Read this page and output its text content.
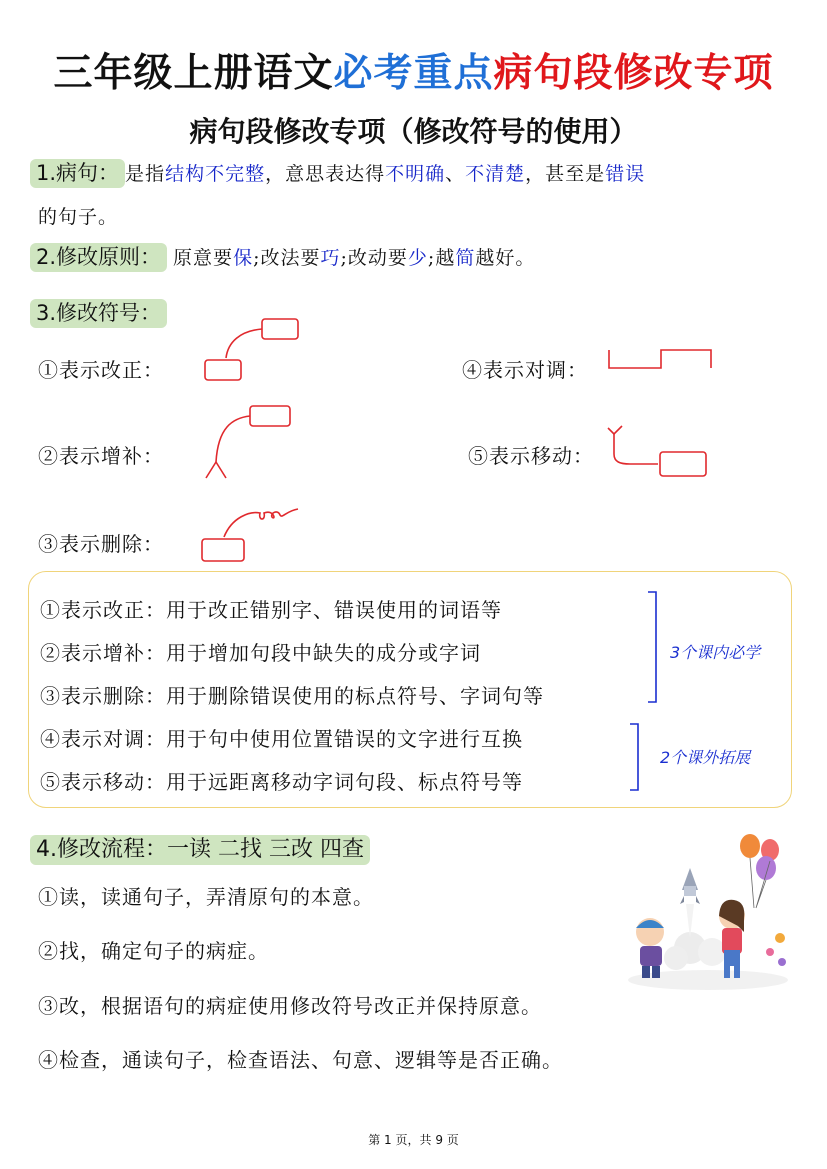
三年级上册语文必考重点病句段修改专项
病句段修改专项（修改符号的使用）
1.病句： 是指结构不完整，意思表达得不明确、不清楚，甚至是错误
的句子。
2.修改原则： 原意要保;改法要巧;改动要少;越简越好。
3.修改符号：
①表示改正：
②表示增补：
③表示删除：
④表示对调：
⑤表示移动：
①表示改正：用于改正错别字、错误使用的词语等
②表示增补：用于增加句段中缺失的成分或字词
③表示删除：用于删除错误使用的标点符号、字词句等
④表示对调：用于句中使用位置错误的文字进行互换
⑤表示移动：用于远距离移动字词句段、标点符号等
3个课内必学
2个课外拓展
4.修改流程：一读 二找 三改 四查
①读，读通句子，弄清原句的本意。
②找，确定句子的病症。
③改，根据语句的病症使用修改符号改正并保持原意。
④检查，通读句子，检查语法、句意、逻辑等是否正确。
第 1 页，共 9 页
